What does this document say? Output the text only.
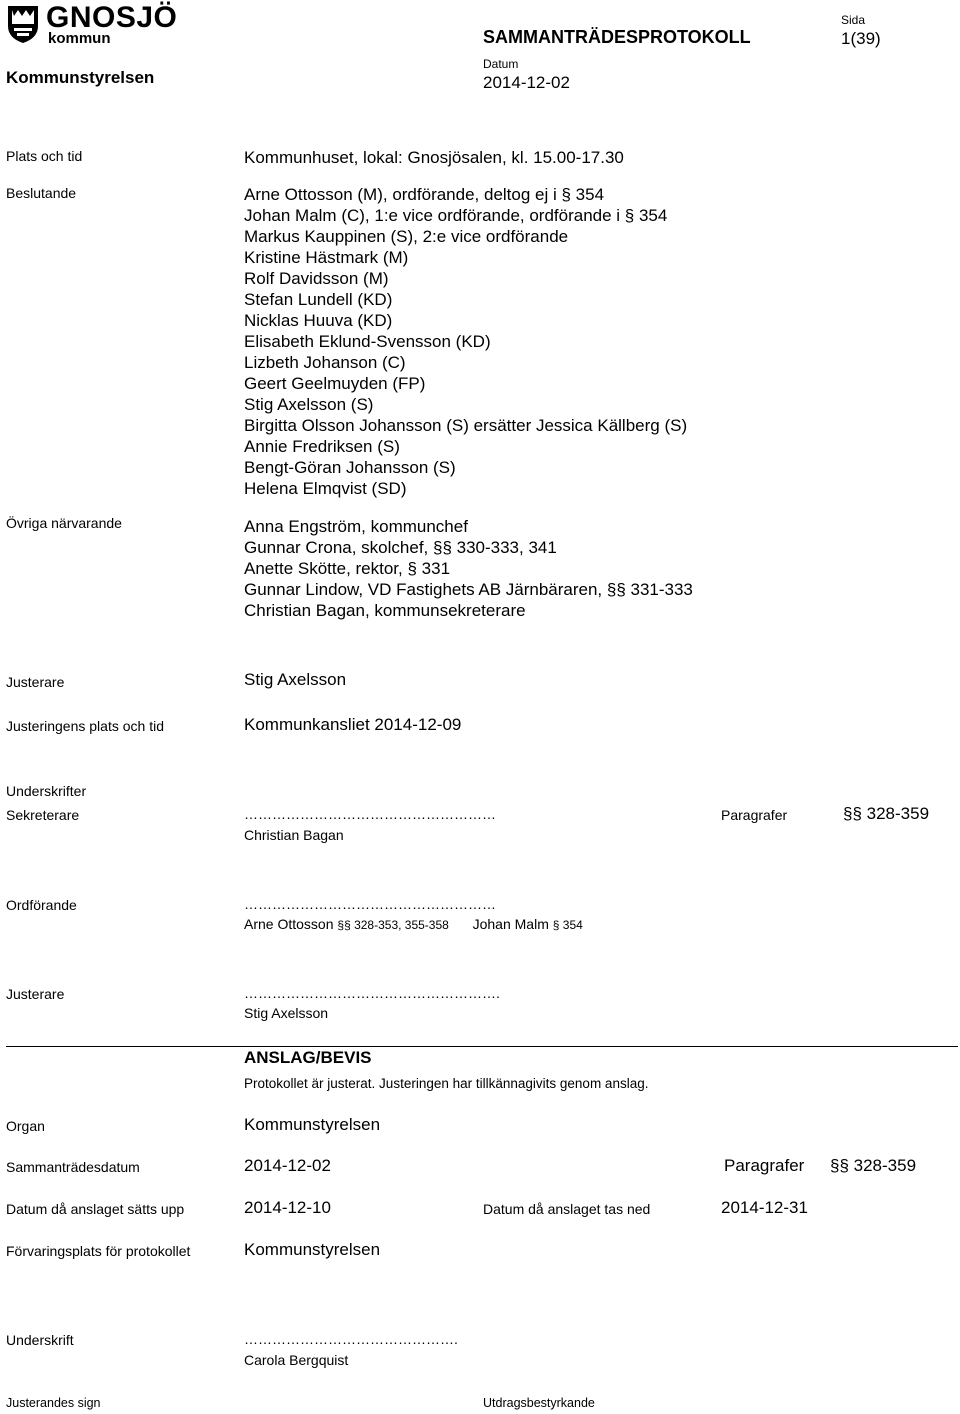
GNOSJÖ
kommun
Kommunstyrelsen
SAMMANTRÄDESPROTOKOLL
Sida
1(39)
Datum
2014-12-02
Plats och tid	Kommunhuset, lokal: Gnosjösalen, kl. 15.00-17.30
Beslutande	Arne Ottosson (M), ordförande, deltog ej i § 354
Johan Malm (C), 1:e vice ordförande, ordförande i § 354
Markus Kauppinen (S), 2:e vice ordförande
Kristine Hästmark (M)
Rolf Davidsson (M)
Stefan Lundell (KD)
Nicklas Huuva (KD)
Elisabeth Eklund-Svensson (KD)
Lizbeth Johanson (C)
Geert Geelmuyden (FP)
Stig Axelsson (S)
Birgitta Olsson Johansson (S) ersätter Jessica Källberg (S)
Annie Fredriksen (S)
Bengt-Göran Johansson (S)
Helena Elmqvist (SD)
Övriga närvarande	Anna Engström, kommunchef
Gunnar Crona, skolchef, §§ 330-333, 341
Anette Skötte, rektor, § 331
Gunnar Lindow, VD Fastighets AB Järnbäraren, §§ 331-333
Christian Bagan, kommunsekreterare
Justerare	Stig Axelsson
Justeringens plats och tid	Kommunkansliet 2014-12-09
Underskrifter
Sekreterare	………………………………………………
Christian Bagan
Paragrafer	§§ 328-359
Ordförande	………………………………………………
Arne Ottosson §§ 328-353, 355-358 Johan Malm § 354
Justerare	……………………………………………….
Stig Axelsson
ANSLAG/BEVIS
Protokollet är justerat. Justeringen har tillkännagivits genom anslag.
Organ	Kommunstyrelsen
Sammanträdesdatum	2014-12-02	Paragrafer §§ 328-359
Datum då anslaget sätts upp	2014-12-10	Datum då anslaget tas ned	2014-12-31
Förvaringsplats för protokollet	Kommunstyrelsen
Underskrift	……………………………………….
Carola Bergquist
Justerandes sign	Utdragsbestyrkande
